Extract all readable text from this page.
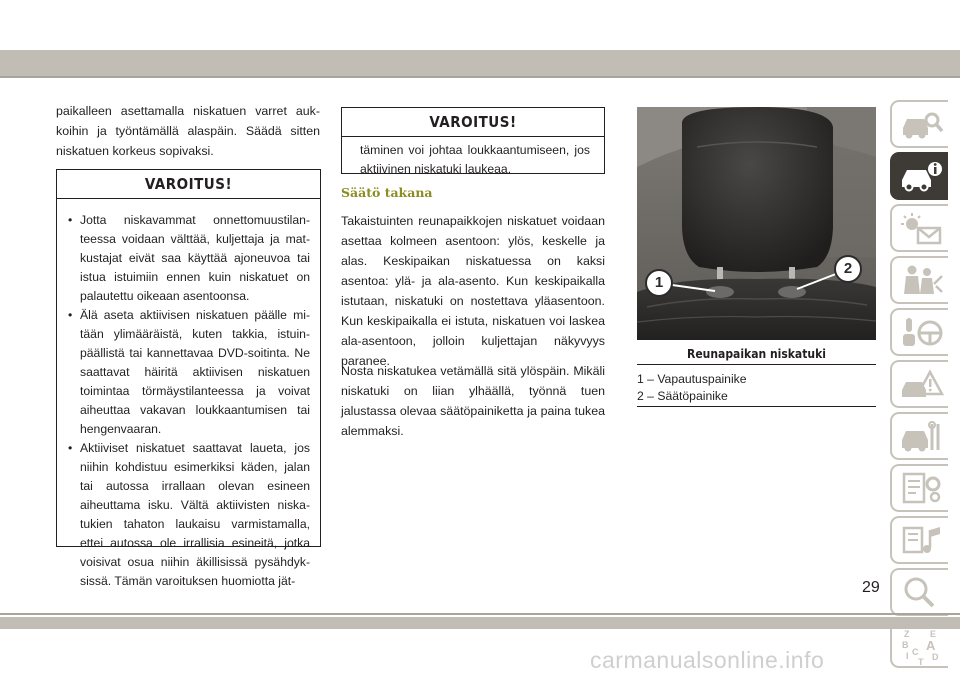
paikalleen asettamalla niskatuen varret aukkoihin ja työntämällä alaspäin. Säädä sitten niskatuen korkeus sopivaksi.

VAROITUS!
• Jotta niskavammat onnettomuustilanteessa voidaan välttää, kuljettaja ja matkustajat eivät saa käyttää ajoneuvoa tai istua istuimiin ennen kuin niskatuet on palautettu oikeaan asentoonsa.
• Älä aseta aktiivisen niskatuen päälle mitään ylimääräistä, kuten takkia, istuinpäällistä tai kannettavaa DVD-soitinta. Ne saattavat häiritä aktiivisen niskatuen toimintaa törmäystilanteessa ja voivat aiheuttaa vakavan loukkaantumisen tai hengenvaaran.
• Aktiiviset niskatuet saattavat laueta, jos niihin kohdistuu esimerkiksi käden, jalan tai autossa irrallaan olevan esineen aiheuttama isku. Vältä aktiivisten niskatukien tahaton laukaisu varmistamalla, ettei autossa ole irrallisia esineitä, jotka voisivat osua niihin äkillisissä pysähdyksissä. Tämän varoituksen huomiotta jät-
VAROITUS!
täminen voi johtaa loukkaantumiseen, jos aktiivinen niskatuki laukeaa.
Säätö takana

Takaistuinten reunapaikkojen niskatuet voidaan asettaa kolmeen asentoon: ylös, keskelle ja alas. Keskipaikan niskatuessa on kaksi asentoa: ylä- ja ala-asento. Kun keskipaikalla istutaan, niskatuki on nostettava yläasentoon. Kun keskipaikalla ei istuta, niskatuen voi laskea ala-asentoon, jolloin kuljettajan näkyvyys paranee.

Nosta niskatukea vetämällä sitä ylöspäin. Mikäli niskatuki on liian ylhäällä, työnnä tuen jalustassa olevaa säätöpainiketta ja paina tukea alemmaksi.

1
2
Reunapaikan niskatuki
1 – Vapautuspainike
2 – Säätöpainike
Z E
B A
I C D
T
29
carmanualsonline.info
